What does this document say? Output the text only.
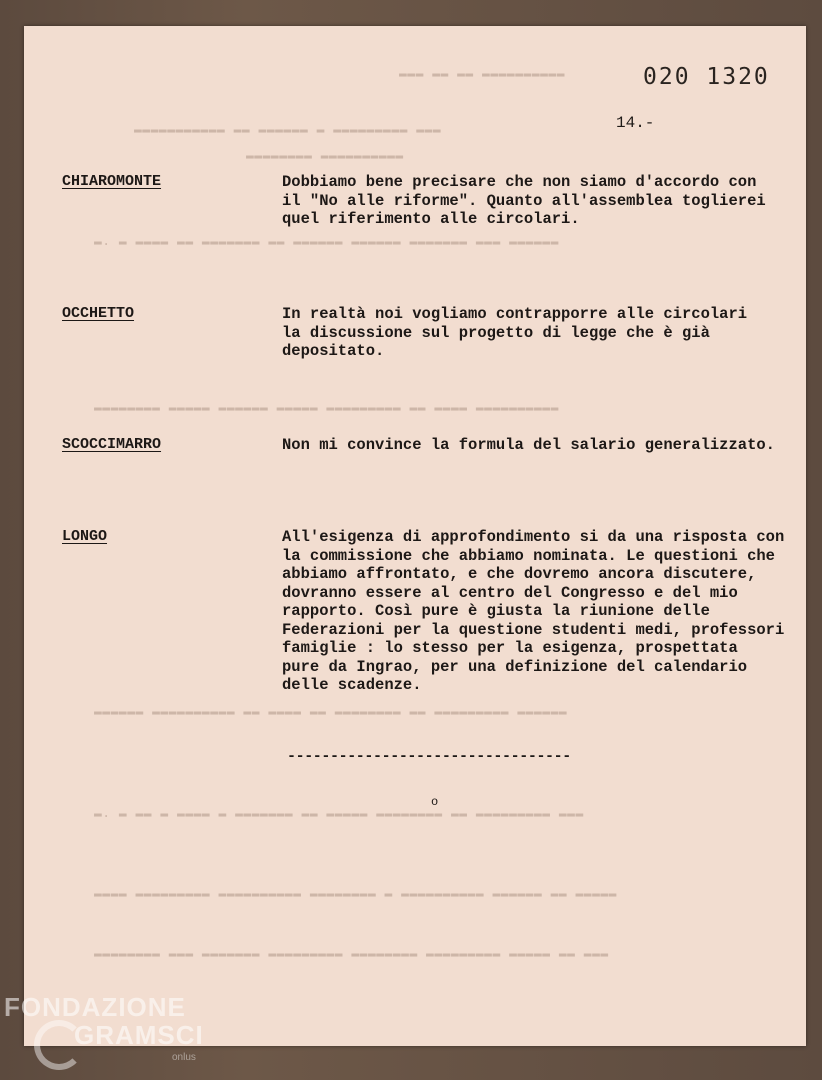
▬▬▬ ▬▬ ▬▬ ▬▬▬▬▬▬▬▬▬▬
▬▬▬▬▬▬▬▬▬▬▬ ▬▬ ▬▬▬▬▬▬ ▬ ▬▬▬▬▬▬▬▬▬ ▬▬▬
▬▬▬▬▬▬▬▬ ▬▬▬▬▬▬▬▬▬▬
▬. ▬ ▬▬▬▬ ▬▬ ▬▬▬▬▬▬▬ ▬▬ ▬▬▬▬▬▬ ▬▬▬▬▬▬ ▬▬▬▬▬▬▬ ▬▬▬ ▬▬▬▬▬▬
▬▬▬▬▬▬▬▬ ▬▬▬▬▬ ▬▬▬▬▬▬ ▬▬▬▬▬ ▬▬▬▬▬▬▬▬▬ ▬▬ ▬▬▬▬ ▬▬▬▬▬▬▬▬▬▬
▬▬▬▬▬▬ ▬▬▬▬▬▬▬▬▬▬ ▬▬ ▬▬▬▬ ▬▬ ▬▬▬▬▬▬▬▬ ▬▬ ▬▬▬▬▬▬▬▬▬ ▬▬▬▬▬▬
▬. ▬ ▬▬ ▬ ▬▬▬▬ ▬ ▬▬▬▬▬▬▬ ▬▬ ▬▬▬▬▬ ▬▬▬▬▬▬▬▬ ▬▬ ▬▬▬▬▬▬▬▬▬ ▬▬▬
▬▬▬▬ ▬▬▬▬▬▬▬▬▬ ▬▬▬▬▬▬▬▬▬▬ ▬▬▬▬▬▬▬▬ ▬ ▬▬▬▬▬▬▬▬▬▬ ▬▬▬▬▬▬ ▬▬ ▬▬▬▬▬
▬▬▬▬▬▬▬▬ ▬▬▬ ▬▬▬▬▬▬▬ ▬▬▬▬▬▬▬▬▬ ▬▬▬▬▬▬▬▬ ▬▬▬▬▬▬▬▬▬ ▬▬▬▬▬ ▬▬ ▬▬▬
020 1320
14.-
CHIAROMONTE	Dobbiamo bene precisare che non siamo d'accordo con
il "No alle riforme". Quanto all'assemblea toglierei
quel riferimento alle circolari.
OCCHETTO	In realtà noi vogliamo contrapporre alle circolari
la discussione sul progetto di legge che è già
depositato.
SCOCCIMARRO	Non mi convince la formula del salario generalizzato.
LONGO	All'esigenza di approfondimento si da una risposta con
la commissione che abbiamo nominata. Le questioni che
abbiamo affrontato, e che dovremo ancora discutere,
dovranno essere al centro del Congresso e del mio
rapporto. Così pure è giusta la riunione delle
Federazioni per la questione studenti medi, professori
famiglie : lo stesso per la esigenza, prospettata
pure da Ingrao, per una definizione del calendario
delle scadenze.
---------------------------------
o
FONDAZIONE
GRAMSCI
onlus
